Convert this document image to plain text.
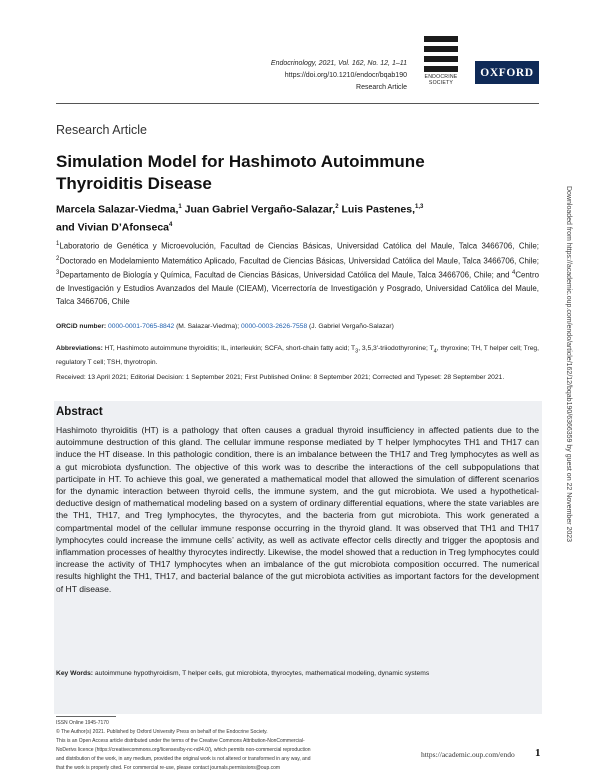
Endocrinology, 2021, Vol. 162, No. 12, 1–11
https://doi.org/10.1210/endocr/bqab190
Research Article
ENDOCRINE
SOCIETY
OXFORD
Research Article
Simulation Model for Hashimoto Autoimmune Thyroiditis Disease
Marcela Salazar-Viedma,$^1$ Juan Gabriel Vergaño-Salazar,$^2$ Luis Pastenes,$^{1,3}$
and Vivian D’Afonseca$^4$
$^1$Laboratorio de Genética y Microevolución, Facultad de Ciencias Básicas, Universidad Católica del Maule, Talca 3466706, Chile; $^2$Doctorado en Modelamiento Matemático Aplicado, Facultad de Ciencias Básicas, Universidad Católica del Maule, Talca 3466706, Chile; $^3$Departamento de Biología y Química, Facultad de Ciencias Básicas, Universidad Católica del Maule, Talca 3466706, Chile; and $^4$Centro de Investigación y Estudios Avanzados del Maule (CIEAM), Vicerrectoría de Investigación y Posgrado, Universidad Católica del Maule, Talca 3466706, Chile
ORCiD number: 0000-0001-7065-8842 (M. Salazar-Viedma); 0000-0003-2626-7558 (J. Gabriel Vergaño-Salazar)
Abbreviations: HT, Hashimoto autoimmune thyroiditis; IL, interleukin; SCFA, short-chain fatty acid; $T_3$, 3,5,3′-triiodothyronine; $T_4$, thyroxine; TH, T helper cell; Treg, regulatory T cell; TSH, thyrotropin.
Received: 13 April 2021; Editorial Decision: 1 September 2021; First Published Online: 8 September 2021; Corrected and Typeset: 28 September 2021.
Abstract
Hashimoto thyroiditis (HT) is a pathology that often causes a gradual thyroid insufficiency in affected patients due to the autoimmune destruction of this gland. The cellular immune response mediated by T helper lymphocytes TH1 and TH17 can induce the HT disease. In this pathologic condition, there is an imbalance between the TH17 and Treg lymphocytes as well as a gut microbiota dysfunction. The objective of this work was to describe the interactions of the cell subpopulations that participate in HT. To achieve this goal, we generated a mathematical model that allowed the simulation of different scenarios for the dynamic interaction between thyroid cells, the immune system, and the gut microbiota. We used a hypothetical-deductive design of mathematical modeling based on a system of ordinary differential equations, where the state variables are the TH1, TH17, and Treg lymphocytes, the thyrocytes, and the bacteria from gut microbiota. This work generated a compartmental model of the cellular immune response occurring in the thyroid gland. It was observed that TH1 and TH17 lymphocytes could increase the immune cells’ activity, as well as activate effector cells directly and trigger the apoptosis and inflammation processes of healthy thyrocytes indirectly. Likewise, the model showed that a reduction in Treg lymphocytes could increase the activity of TH17 lymphocytes when an imbalance of the gut microbiota composition occurred. The numerical results highlight the TH1, TH17, and bacterial balance of the gut microbiota activities as important factors for the development of HT disease.
Key Words: autoimmune hypothyroidism, T helper cells, gut microbiota, thyrocytes, mathematical modeling, dynamic systems
ISSN Online 1945-7170
© The Author(s) 2021. Published by Oxford University Press on behalf of the Endocrine Society.
This is an Open Access article distributed under the terms of the Creative Commons Attribution-NonCommercial-
NoDerivs licence (https://creativecommons.org/licenses/by-nc-nd/4.0/), which permits non-commercial reproduction
and distribution of the work, in any medium, provided the original work is not altered or transformed in any way, and
that the work is properly cited. For commercial re-use, please contact journals.permissions@oup.com
https://academic.oup.com/endo 1
Downloaded from https://academic.oup.com/endo/article/162/12/bqab190/6366359 by guest on 22 November 2023
